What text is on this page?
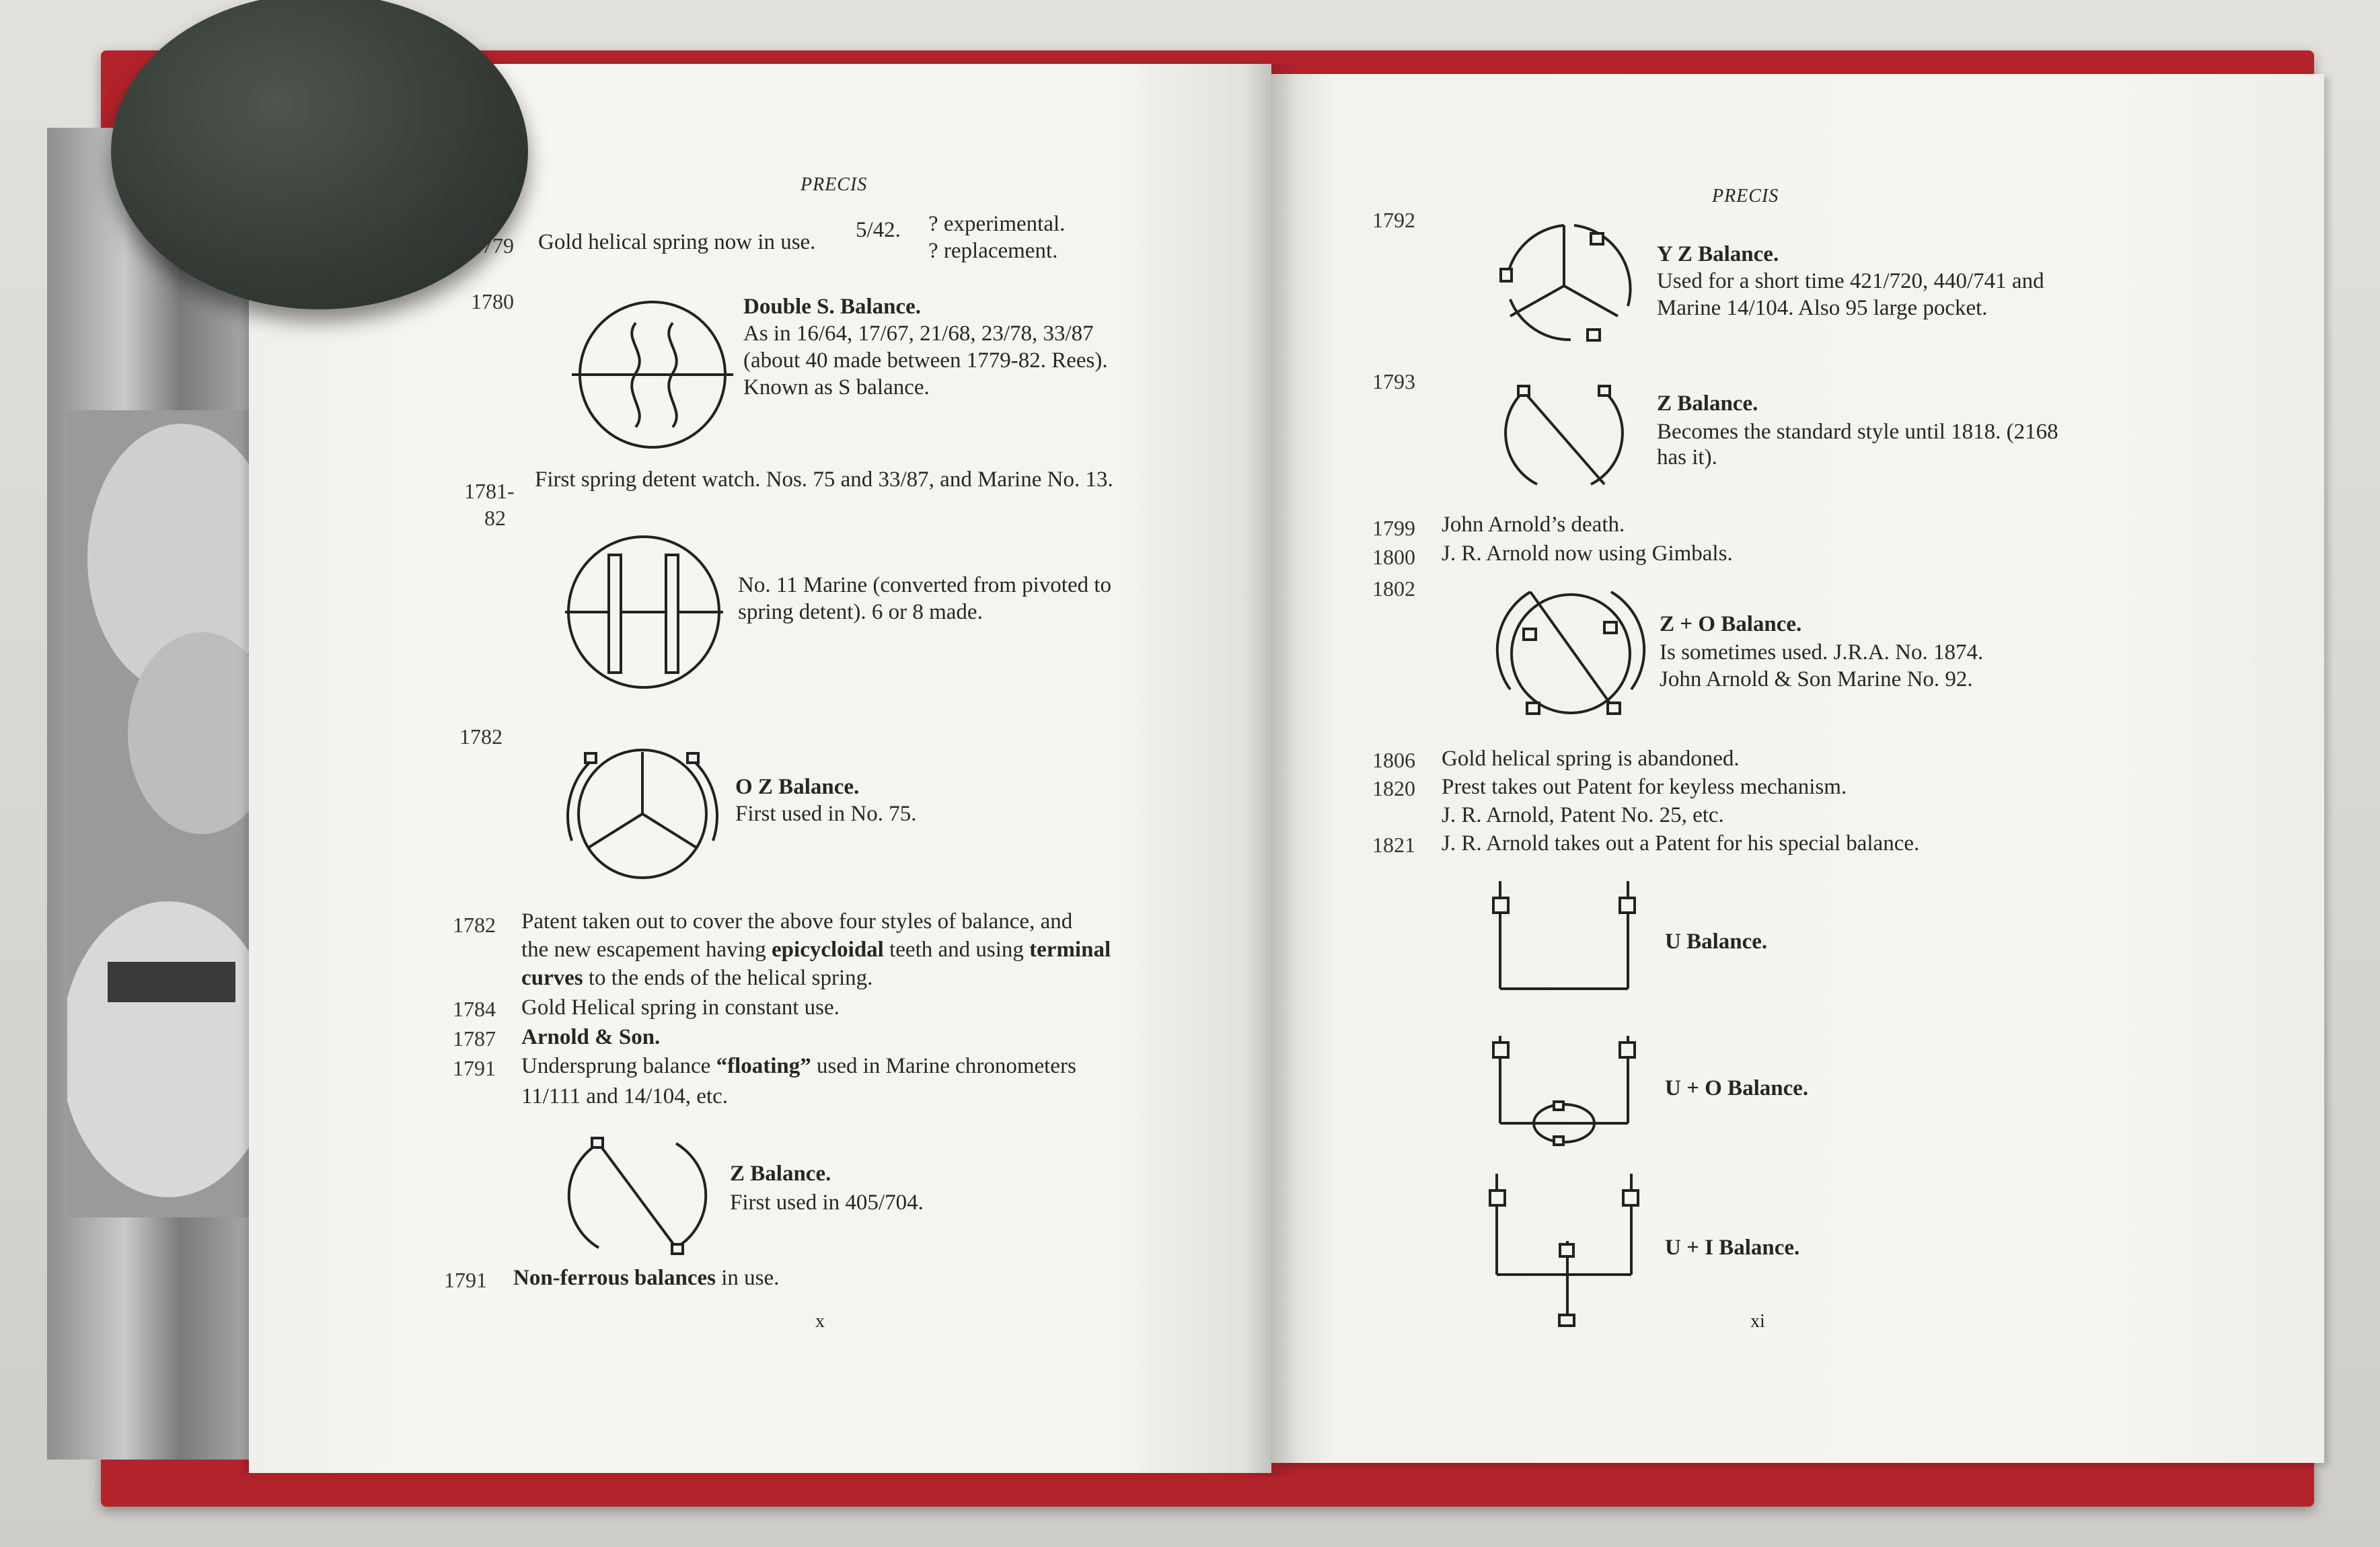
PRECIS
1779 Gold helical spring now in use. 5/42. ? experimental.
? replacement.
1780	Double S. Balance.
As in 16/64, 17/67, 21/68, 23/78, 33/87
(about 40 made between 1779-82. Rees).
Known as S balance.
1781-
82
First spring detent watch. Nos. 75 and 33/87, and Marine No. 13.
No. 11 Marine (converted from pivoted to
spring detent). 6 or 8 made.
1782
O Z Balance.
First used in No. 75.
1782 Patent taken out to cover the above four styles of balance, and
the new escapement having epicycloidal teeth and using terminal
curves to the ends of the helical spring.
1784 Gold Helical spring in constant use.
1787 Arnold & Son.
1791 Undersprung balance “floating” used in Marine chronometers
11/111 and 14/104, etc.
Z Balance.
First used in 405/704.
1791 Non-ferrous balances in use.
x
PRECIS
1792
Y Z Balance.
Used for a short time 421/720, 440/741 and
Marine 14/104. Also 95 large pocket.
1793
Z Balance.
Becomes the standard style until 1818. (2168
has it).
1799 John Arnold’s death.
1800 J. R. Arnold now using Gimbals.
1802
Z + O Balance.
Is sometimes used. J.R.A. No. 1874.
John Arnold & Son Marine No. 92.
1806 Gold helical spring is abandoned.
1820 Prest takes out Patent for keyless mechanism.
J. R. Arnold, Patent No. 25, etc.
1821 J. R. Arnold takes out a Patent for his special balance.
U Balance.
U + O Balance.
U + I Balance.
xi
